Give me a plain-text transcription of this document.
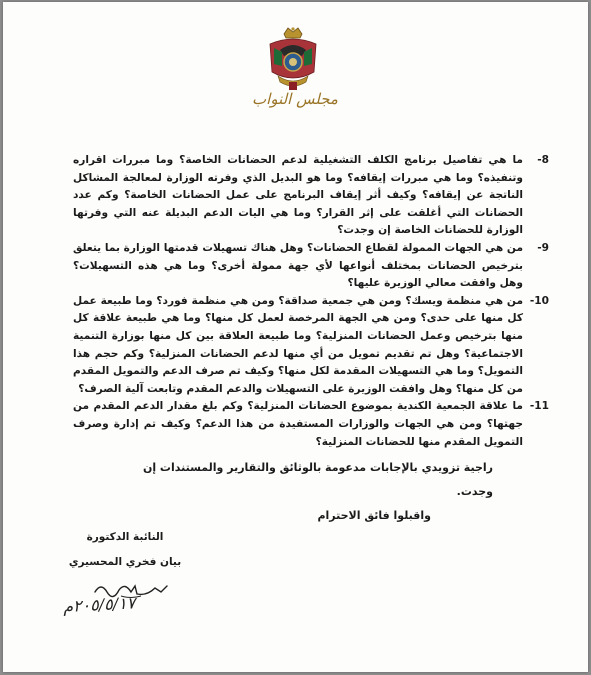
مجلس النواب
-8
ما هي تفاصيل برنامج الكلف التشغيلية لدعم الحضانات الخاصة؟ وما مبررات اقراره وتنفيذه؟ وما هي مبررات إيقافه؟ وما هو البديل الذي وفرته الوزارة لمعالجة المشاكل الناتجة عن إيقافه؟ وكيف أثر إيقاف البرنامج على عمل الحضانات الخاصة؟ وكم عدد الحضانات التي أغلقت على إثر القرار؟ وما هي اليات الدعم البديلة عنه التي وفرتها الوزارة للحضانات الخاصة إن وجدت؟
-9
من هي الجهات الممولة لقطاع الحضانات؟ وهل هناك تسهيلات قدمتها الوزارة بما يتعلق بترخيص الحضانات بمختلف أنواعها لأي جهة ممولة أخرى؟ وما هي هذه التسهيلات؟ وهل وافقت معالي الوزيرة عليها؟
-10
من هي منظمة ويسك؟ ومن هي جمعية صداقة؟ ومن هي منظمة فورد؟ وما طبيعة عمل كل منها على حدى؟ ومن هي الجهة المرخصة لعمل كل منها؟ وما هي طبيعة علاقة كل منها بترخيص وعمل الحضانات المنزلية؟ وما طبيعة العلاقة بين كل منها بوزارة التنمية الاجتماعية؟ وهل تم تقديم تمويل من أي منها لدعم الحضانات المنزلية؟ وكم حجم هذا التمويل؟ وما هي التسهيلات المقدمة لكل منها؟ وكيف تم صرف الدعم والتمويل المقدم من كل منها؟ وهل وافقت الوزيرة على التسهيلات والدعم المقدم وتابعت آلية الصرف؟
-11
ما علاقة الجمعية الكندية بموضوع الحضانات المنزلية؟ وكم بلغ مقدار الدعم المقدم من جهتها؟ ومن هي الجهات والوزارات المستفيدة من هذا الدعم؟ وكيف تم إدارة وصرف التمويل المقدم منها للحضانات المنزلية؟
راجية تزويدي بالإجابات مدعومة بالوثائق والتقارير والمستندات إن وجدت.
واقبلوا فائق الاحترام
النائبة الدكتورة
بيان فخري المحسيري
٢٠٥/٥/١٧م
